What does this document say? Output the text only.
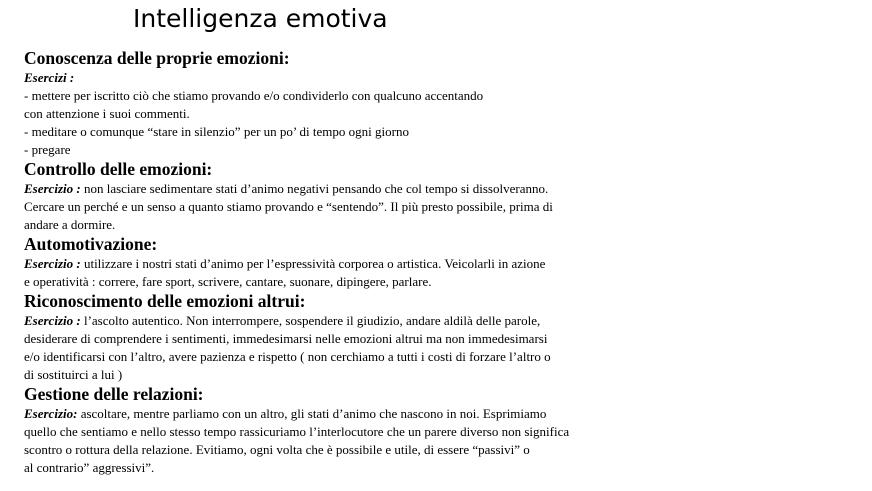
Intelligenza emotiva

Conoscenza delle proprie emozioni:

Esercizi :

- mettere per iscritto ciò che stiamo provando e/o condividerlo con qualcuno accentando

con attenzione i suoi commenti.

- meditare o comunque “stare in silenzio” per un po’ di tempo ogni giorno

- pregare

Controllo delle emozioni:

Esercizio : non lasciare sedimentare stati d’animo negativi pensando che col tempo si dissolveranno.

Cercare un perché e un senso a quanto stiamo provando e “sentendo”. Il più presto possibile, prima di

andare a dormire.

Automotivazione:

Esercizio : utilizzare i nostri stati d’animo per l’espressività corporea o artistica. Veicolarli in azione

e operatività : correre, fare sport, scrivere, cantare, suonare, dipingere, parlare.

Riconoscimento delle emozioni altrui:

Esercizio : l’ascolto autentico. Non interrompere, sospendere il giudizio, andare aldilà delle parole,

desiderare di comprendere i sentimenti, immedesimarsi nelle emozioni altrui ma non immedesimarsi

e/o identificarsi con l’altro, avere pazienza e rispetto ( non cerchiamo a tutti i costi di forzare l’altro o

di sostituirci a lui )

Gestione delle relazioni:

Esercizio: ascoltare, mentre parliamo con un altro, gli stati d’animo che nascono in noi. Esprimiamo

quello che sentiamo e nello stesso tempo rassicuriamo l’interlocutore che un parere diverso non significa

scontro o rottura della relazione. Evitiamo, ogni volta che è possibile e utile, di essere “passivi” o

al contrario” aggressivi”.
